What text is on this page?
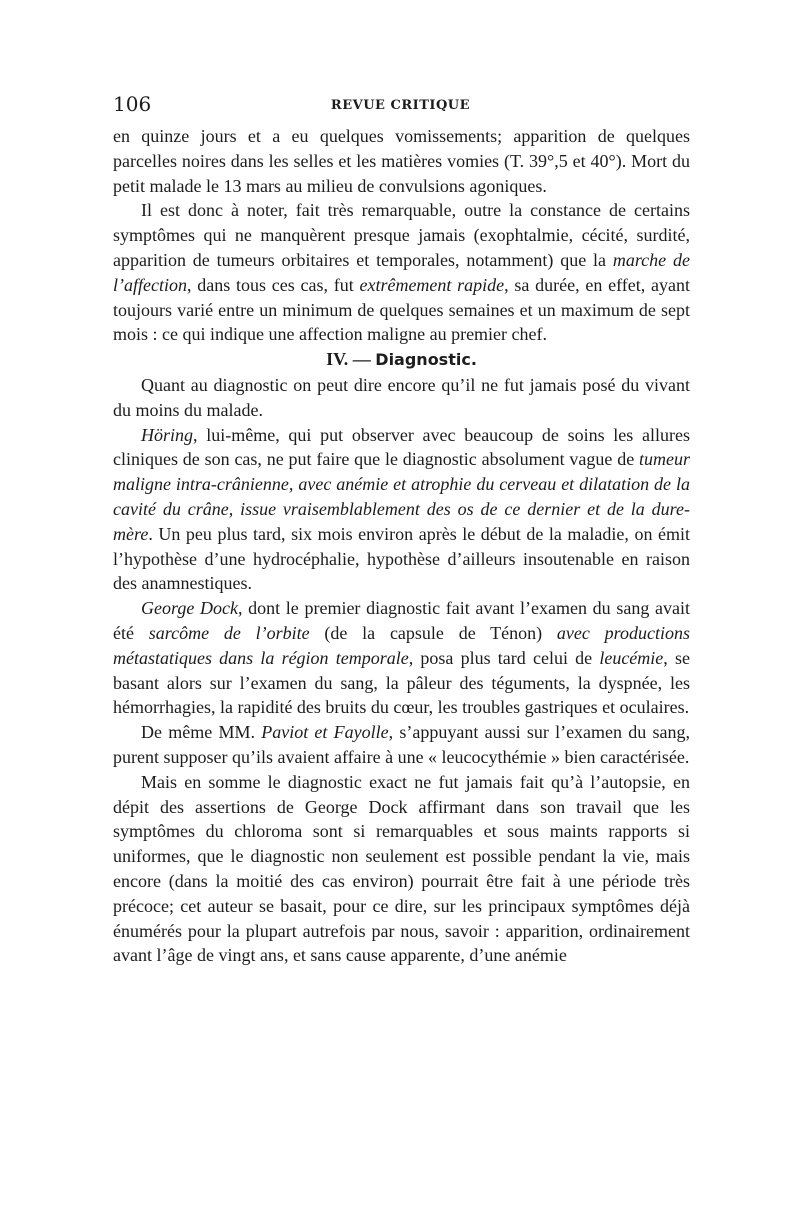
106	REVUE CRITIQUE

en quinze jours et a eu quelques vomissements; apparition de quelques parcelles noires dans les selles et les matières vomies (T. 39°,5 et 40°). Mort du petit malade le 13 mars au milieu de convulsions agoniques.

Il est donc à noter, fait très remarquable, outre la constance de certains symptômes qui ne manquèrent presque jamais (exophtalmie, cécité, surdité, apparition de tumeurs orbitaires et temporales, notamment) que la marche de l’affection, dans tous ces cas, fut extrêmement rapide, sa durée, en effet, ayant toujours varié entre un minimum de quelques semaines et un maximum de sept mois : ce qui indique une affection maligne au premier chef.

IV. — Diagnostic.

Quant au diagnostic on peut dire encore qu’il ne fut jamais posé du vivant du moins du malade.

Höring, lui-même, qui put observer avec beaucoup de soins les allures cliniques de son cas, ne put faire que le diagnostic absolument vague de tumeur maligne intra-crânienne, avec anémie et atrophie du cerveau et dilatation de la cavité du crâne, issue vraisemblablement des os de ce dernier et de la dure-mère. Un peu plus tard, six mois environ après le début de la maladie, on émit l’hypothèse d’une hydrocéphalie, hypothèse d’ailleurs insoutenable en raison des anamnestiques.

George Dock, dont le premier diagnostic fait avant l’examen du sang avait été sarcôme de l’orbite (de la capsule de Ténon) avec productions métastatiques dans la région temporale, posa plus tard celui de leucémie, se basant alors sur l’examen du sang, la pâleur des téguments, la dyspnée, les hémorrhagies, la rapidité des bruits du cœur, les troubles gastriques et oculaires.

De même MM. Paviot et Fayolle, s’appuyant aussi sur l’examen du sang, purent supposer qu’ils avaient affaire à une « leucocythémie » bien caractérisée.

Mais en somme le diagnostic exact ne fut jamais fait qu’à l’autopsie, en dépit des assertions de George Dock affirmant dans son travail que les symptômes du chloroma sont si remarquables et sous maints rapports si uniformes, que le diagnostic non seulement est possible pendant la vie, mais encore (dans la moitié des cas environ) pourrait être fait à une période très précoce; cet auteur se basait, pour ce dire, sur les principaux symptômes déjà énumérés pour la plupart autrefois par nous, savoir : apparition, ordinairement avant l’âge de vingt ans, et sans cause apparente, d’une anémie
